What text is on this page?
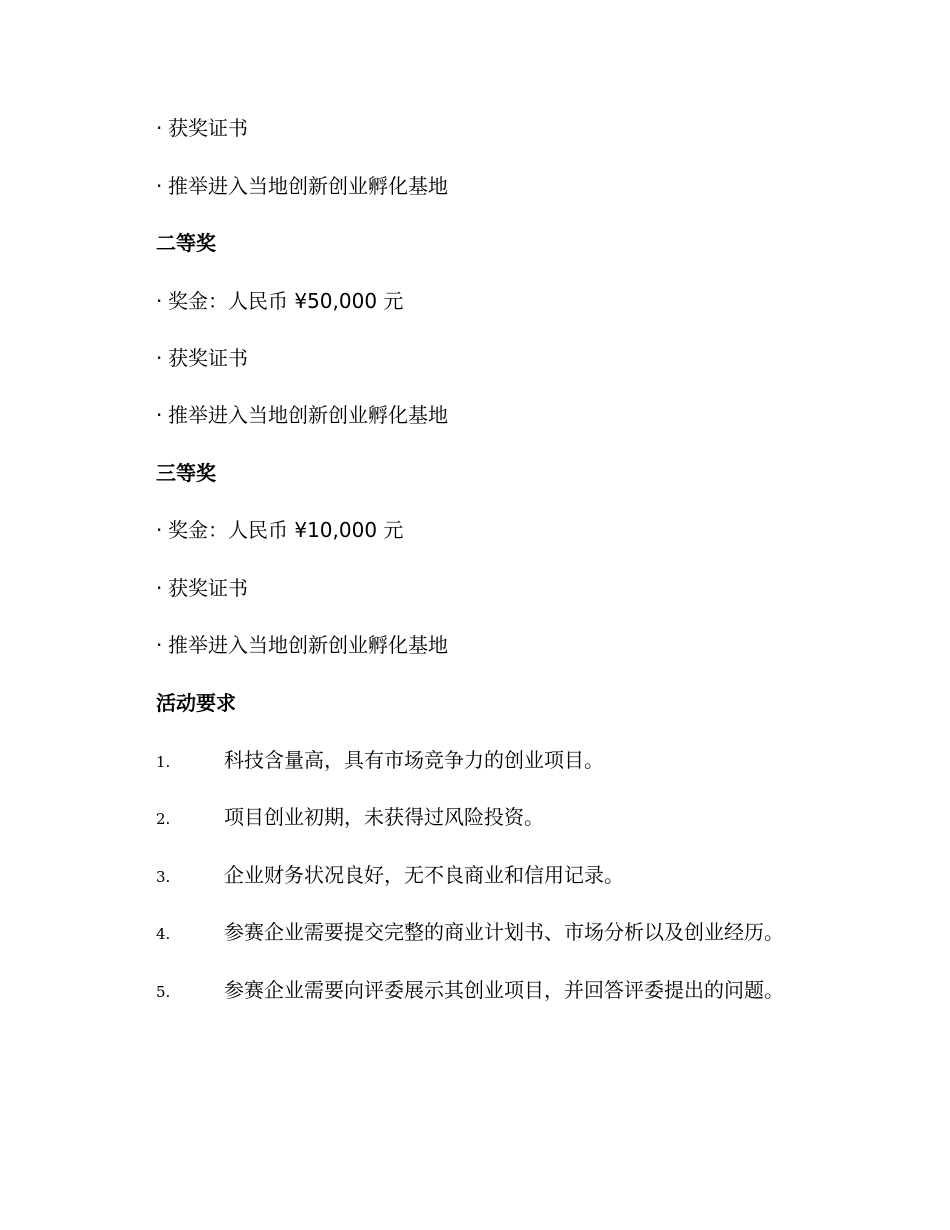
· 获奖证书
· 推举进入当地创新创业孵化基地
二等奖
· 奖金：人民币 ¥50,000 元
· 获奖证书
· 推举进入当地创新创业孵化基地
三等奖
· 奖金：人民币 ¥10,000 元
· 获奖证书
· 推举进入当地创新创业孵化基地
活动要求
1.	科技含量高，具有市场竞争力的创业项目。
2.	项目创业初期，未获得过风险投资。
3.	企业财务状况良好，无不良商业和信用记录。
4.	参赛企业需要提交完整的商业计划书、市场分析以及创业经历。
5.	参赛企业需要向评委展示其创业项目，并回答评委提出的问题。
